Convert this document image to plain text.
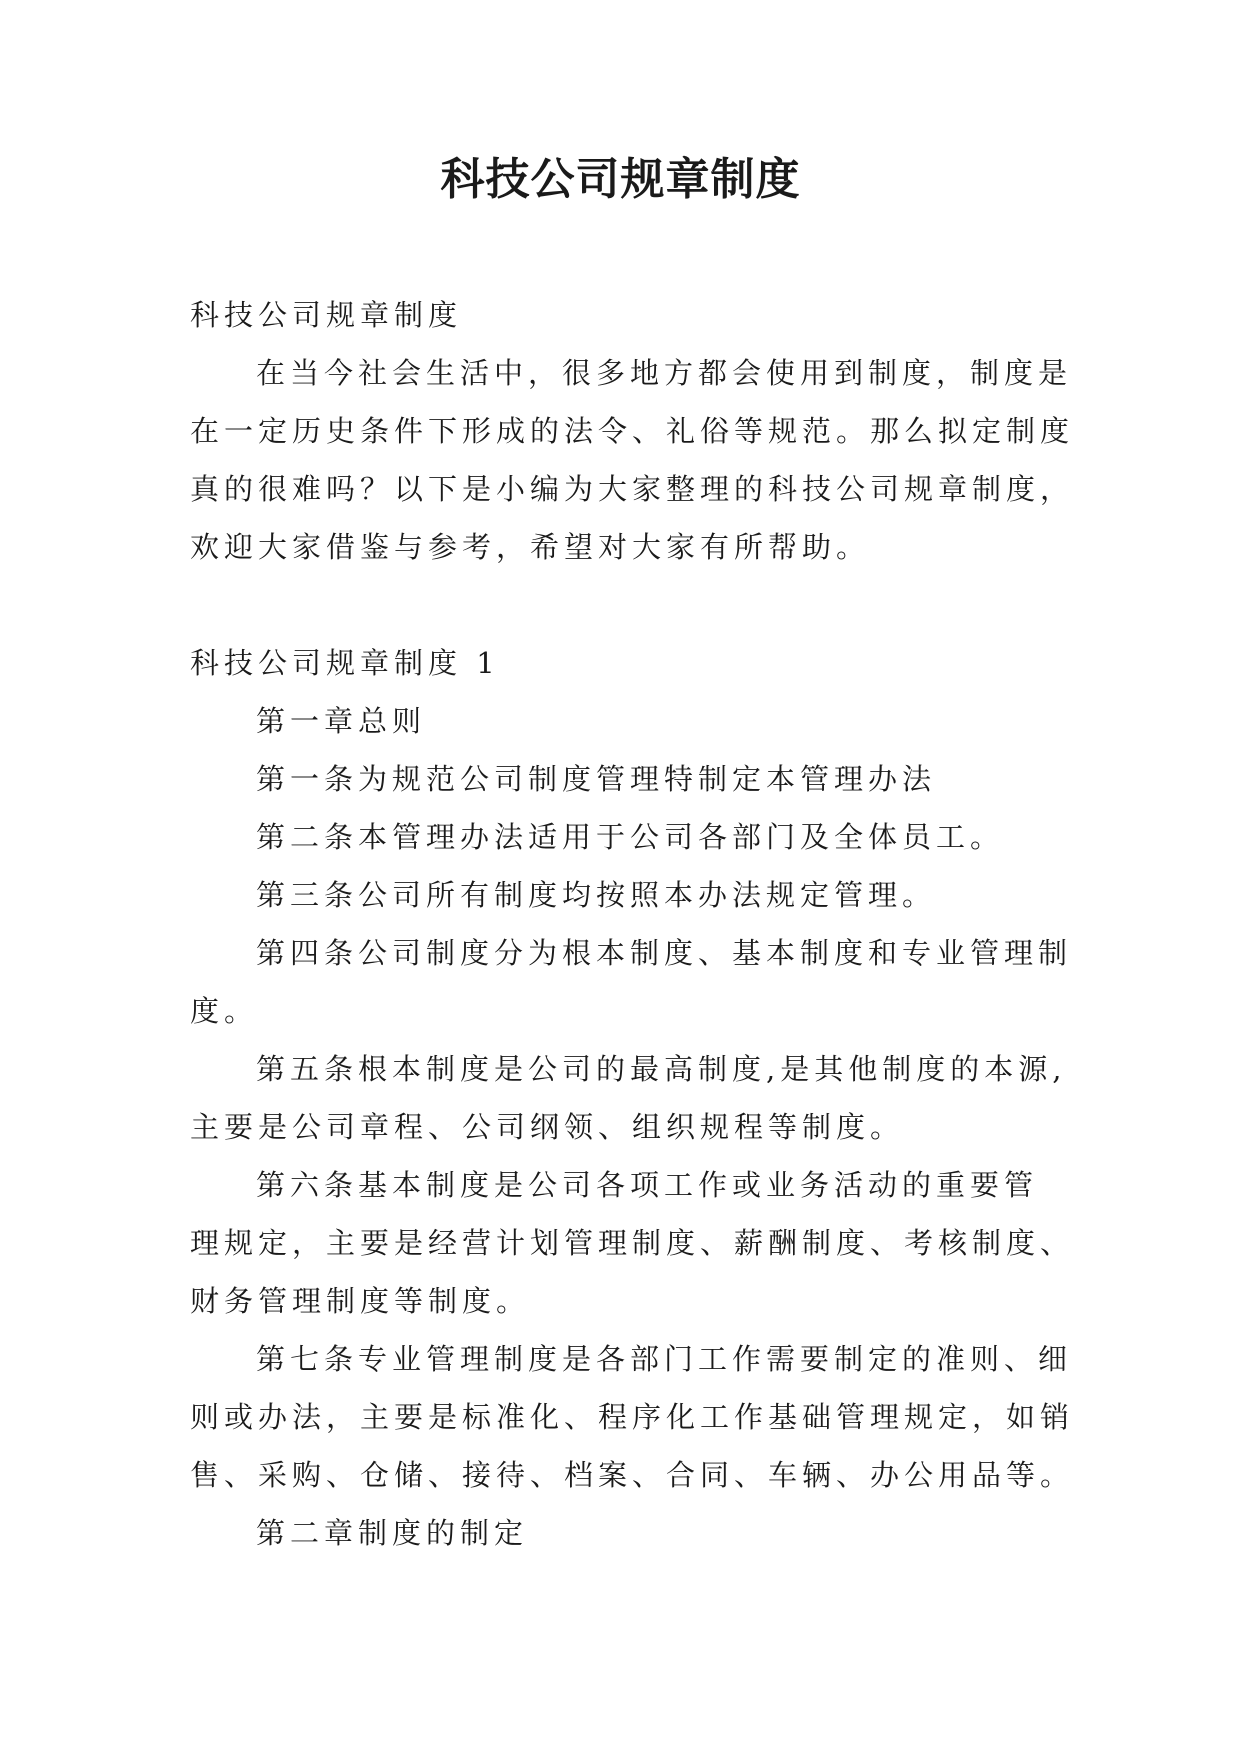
科技公司规章制度

科技公司规章制度

在当今社会生活中，很多地方都会使用到制度，制度是

在一定历史条件下形成的法令、礼俗等规范。那么拟定制度

真的很难吗？以下是小编为大家整理的科技公司规章制度，

欢迎大家借鉴与参考，希望对大家有所帮助。

科技公司规章制度 1

第一章总则

第一条为规范公司制度管理特制定本管理办法

第二条本管理办法适用于公司各部门及全体员工。

第三条公司所有制度均按照本办法规定管理。

第四条公司制度分为根本制度、基本制度和专业管理制

度。

第五条根本制度是公司的最高制度,是其他制度的本源,

主要是公司章程、公司纲领、组织规程等制度。

第六条基本制度是公司各项工作或业务活动的重要管

理规定，主要是经营计划管理制度、薪酬制度、考核制度、

财务管理制度等制度。

第七条专业管理制度是各部门工作需要制定的准则、细

则或办法，主要是标准化、程序化工作基础管理规定，如销

售、采购、仓储、接待、档案、合同、车辆、办公用品等。

第二章制度的制定
